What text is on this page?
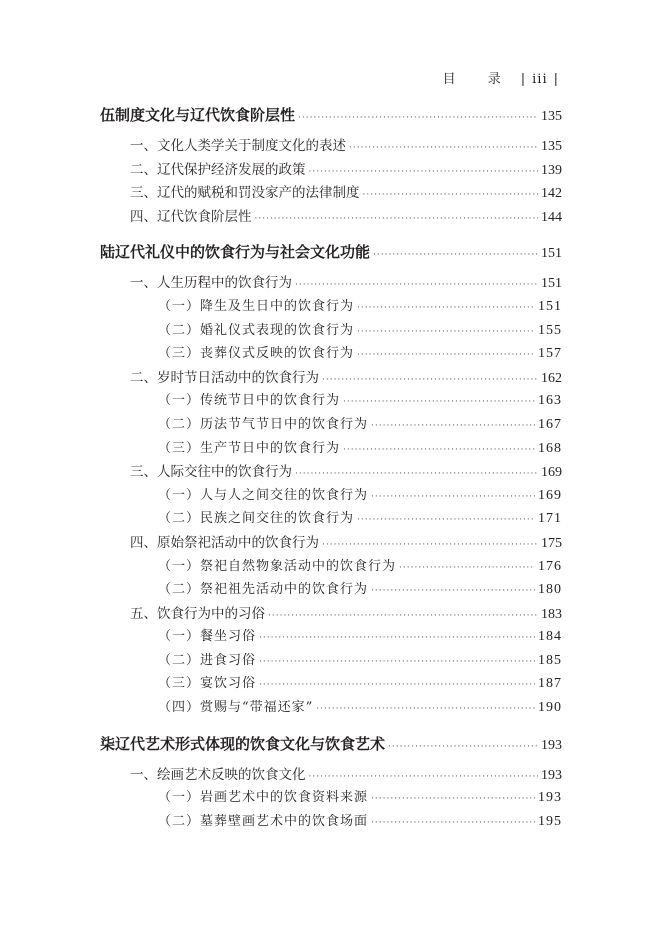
目 录 | iii |
伍 制度文化与辽代饮食阶层性 ·····	135
一、文化人类学关于制度文化的表述 ·····	135
二、辽代保护经济发展的政策 ·····	139
三、辽代的赋税和罚没家产的法律制度 ·····	142
四、辽代饮食阶层性 ·····	144
陆 辽代礼仪中的饮食行为与社会文化功能 ·····	151
一、人生历程中的饮食行为 ·····	151
（一）降生及生日中的饮食行为 ·····	151
（二）婚礼仪式表现的饮食行为 ·····	155
（三）丧葬仪式反映的饮食行为 ·····	157
二、岁时节日活动中的饮食行为 ·····	162
（一）传统节日中的饮食行为 ·····	163
（二）历法节气节日中的饮食行为 ·····	167
（三）生产节日中的饮食行为 ·····	168
三、人际交往中的饮食行为 ·····	169
（一）人与人之间交往的饮食行为 ·····	169
（二）民族之间交往的饮食行为 ·····	171
四、原始祭祀活动中的饮食行为 ·····	175
（一）祭祀自然物象活动中的饮食行为 ·····	176
（二）祭祀祖先活动中的饮食行为 ·····	180
五、饮食行为中的习俗 ·····	183
（一）餐坐习俗 ·····	184
（二）进食习俗 ·····	185
（三）宴饮习俗 ·····	187
（四）赏赐与“带福还家” ·····	190
柒 辽代艺术形式体现的饮食文化与饮食艺术 ·····	193
一、绘画艺术反映的饮食文化 ·····	193
（一）岩画艺术中的饮食资料来源 ·····	193
（二）墓葬壁画艺术中的饮食场面 ·····	195
